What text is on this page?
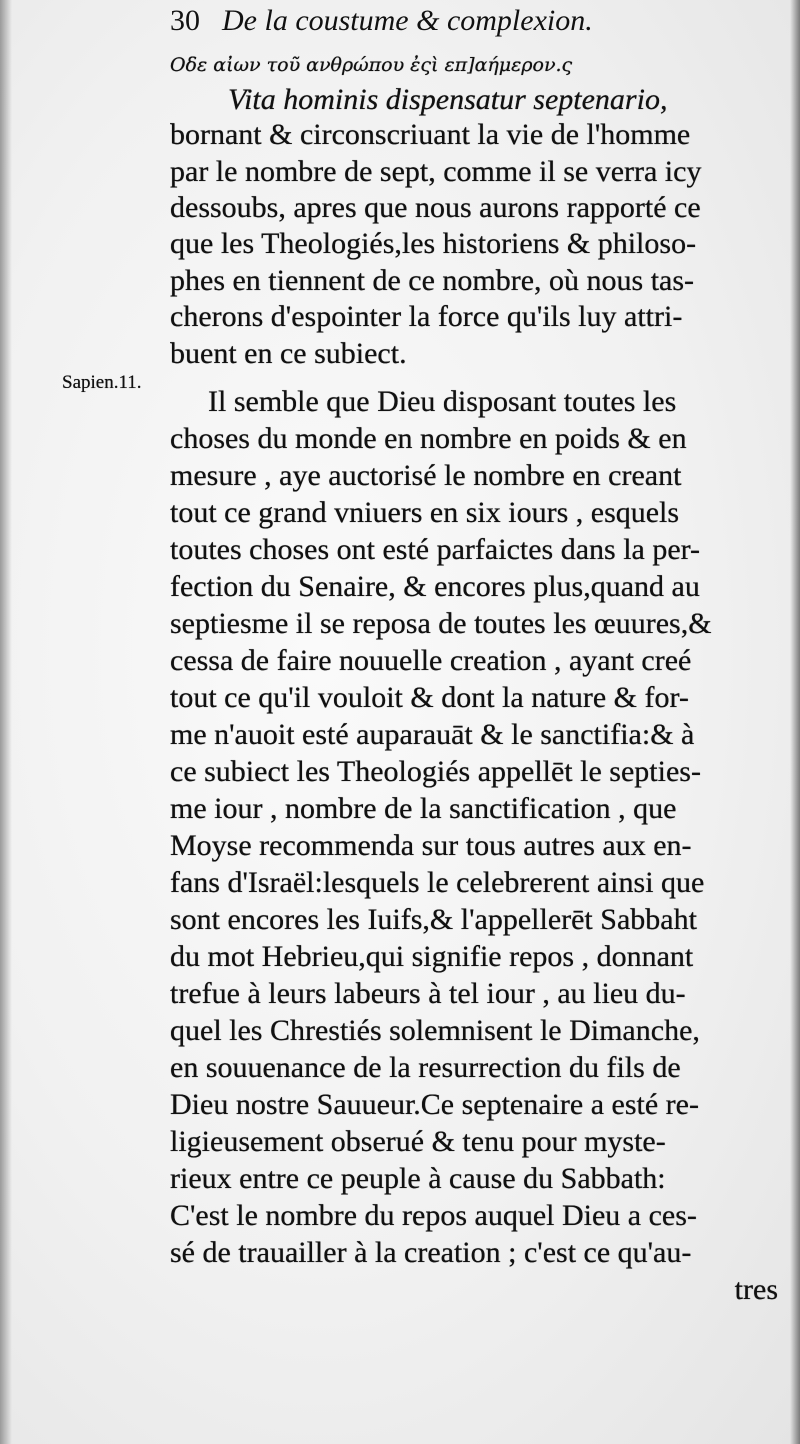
30 De la coustume & complexion.
Sapien.11.
Οδε αἰων τοῦ ανθρώπου ἐςὶ επ]αήμερον.ς
Vita hominis dispensatur septenario,
bornant & circonscriuant la vie de l'homme
par le nombre de sept, comme il se verra icy
dessoubs, apres que nous aurons rapporté ce
que les Theologiés,les historiens & philoso-
phes en tiennent de ce nombre, où nous tas-
cherons d'espointer la force qu'ils luy attri-
buent en ce subiect.
Il semble que Dieu disposant toutes les
choses du monde en nombre en poids & en
mesure , aye auctorisé le nombre en creant
tout ce grand vniuers en six iours , esquels
toutes choses ont esté parfaictes dans la per-
fection du Senaire, & encores plus,quand au
septiesme il se reposa de toutes les œuures,&
cessa de faire nouuelle creation , ayant creé
tout ce qu'il vouloit & dont la nature & for-
me n'auoit esté auparauāt & le sanctifia:& à
ce subiect les Theologiés appellēt le septies-
me iour , nombre de la sanctification , que
Moyse recommenda sur tous autres aux en-
fans d'Israël:lesquels le celebrerent ainsi que
sont encores les Iuifs,& l'appellerēt Sabbaht
du mot Hebrieu,qui signifie repos , donnant
trefue à leurs labeurs à tel iour , au lieu du-
quel les Chrestiés solemnisent le Dimanche,
en souuenance de la resurrection du fils de
Dieu nostre Sauueur.Ce septenaire a esté re-
ligieusement obserué & tenu pour myste-
rieux entre ce peuple à cause du Sabbath:
C'est le nombre du repos auquel Dieu a ces-
sé de trauailler à la creation ; c'est ce qu'au-
tres
